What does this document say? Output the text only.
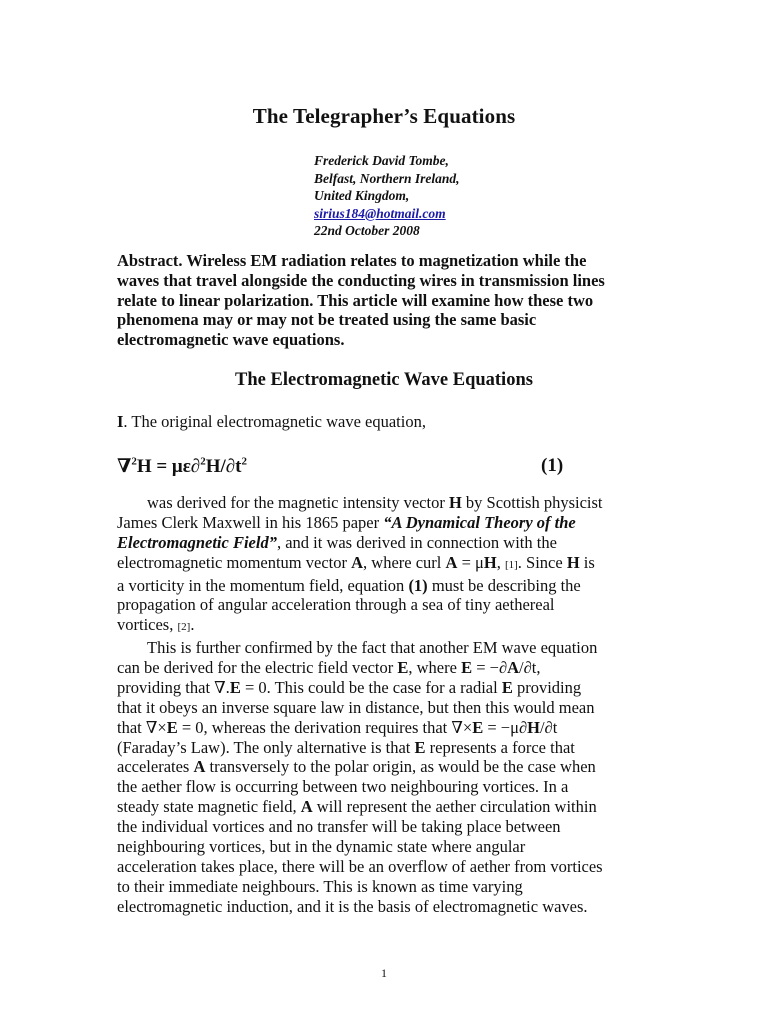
The Telegrapher’s Equations
Frederick David Tombe,
Belfast, Northern Ireland,
United Kingdom,
sirius184@hotmail.com
22nd October 2008
Abstract. Wireless EM radiation relates to magnetization while the
waves that travel alongside the conducting wires in transmission lines
relate to linear polarization. This article will examine how these two
phenomena may or may not be treated using the same basic
electromagnetic wave equations.
The Electromagnetic Wave Equations
I. The original electromagnetic wave equation,
$\nabla^2H = \mu\varepsilon\partial^2H/\partial t^2$	(1)
was derived for the magnetic intensity vector H by Scottish physicist
James Clerk Maxwell in his 1865 paper “A Dynamical Theory of the
Electromagnetic Field”, and it was derived in connection with the
electromagnetic momentum vector A, where curl A = μH, [1]. Since H is
a vorticity in the momentum field, equation (1) must be describing the
propagation of angular acceleration through a sea of tiny aethereal
vortices, [2].
This is further confirmed by the fact that another EM wave equation
can be derived for the electric field vector E, where E = −∂A/∂t,
providing that ∇.E = 0. This could be the case for a radial E providing
that it obeys an inverse square law in distance, but then this would mean
that ∇×E = 0, whereas the derivation requires that ∇×E = −μ∂H/∂t
(Faraday’s Law). The only alternative is that E represents a force that
accelerates A transversely to the polar origin, as would be the case when
the aether flow is occurring between two neighbouring vortices. In a
steady state magnetic field, A will represent the aether circulation within
the individual vortices and no transfer will be taking place between
neighbouring vortices, but in the dynamic state where angular
acceleration takes place, there will be an overflow of aether from vortices
to their immediate neighbours. This is known as time varying
electromagnetic induction, and it is the basis of electromagnetic waves.
1
